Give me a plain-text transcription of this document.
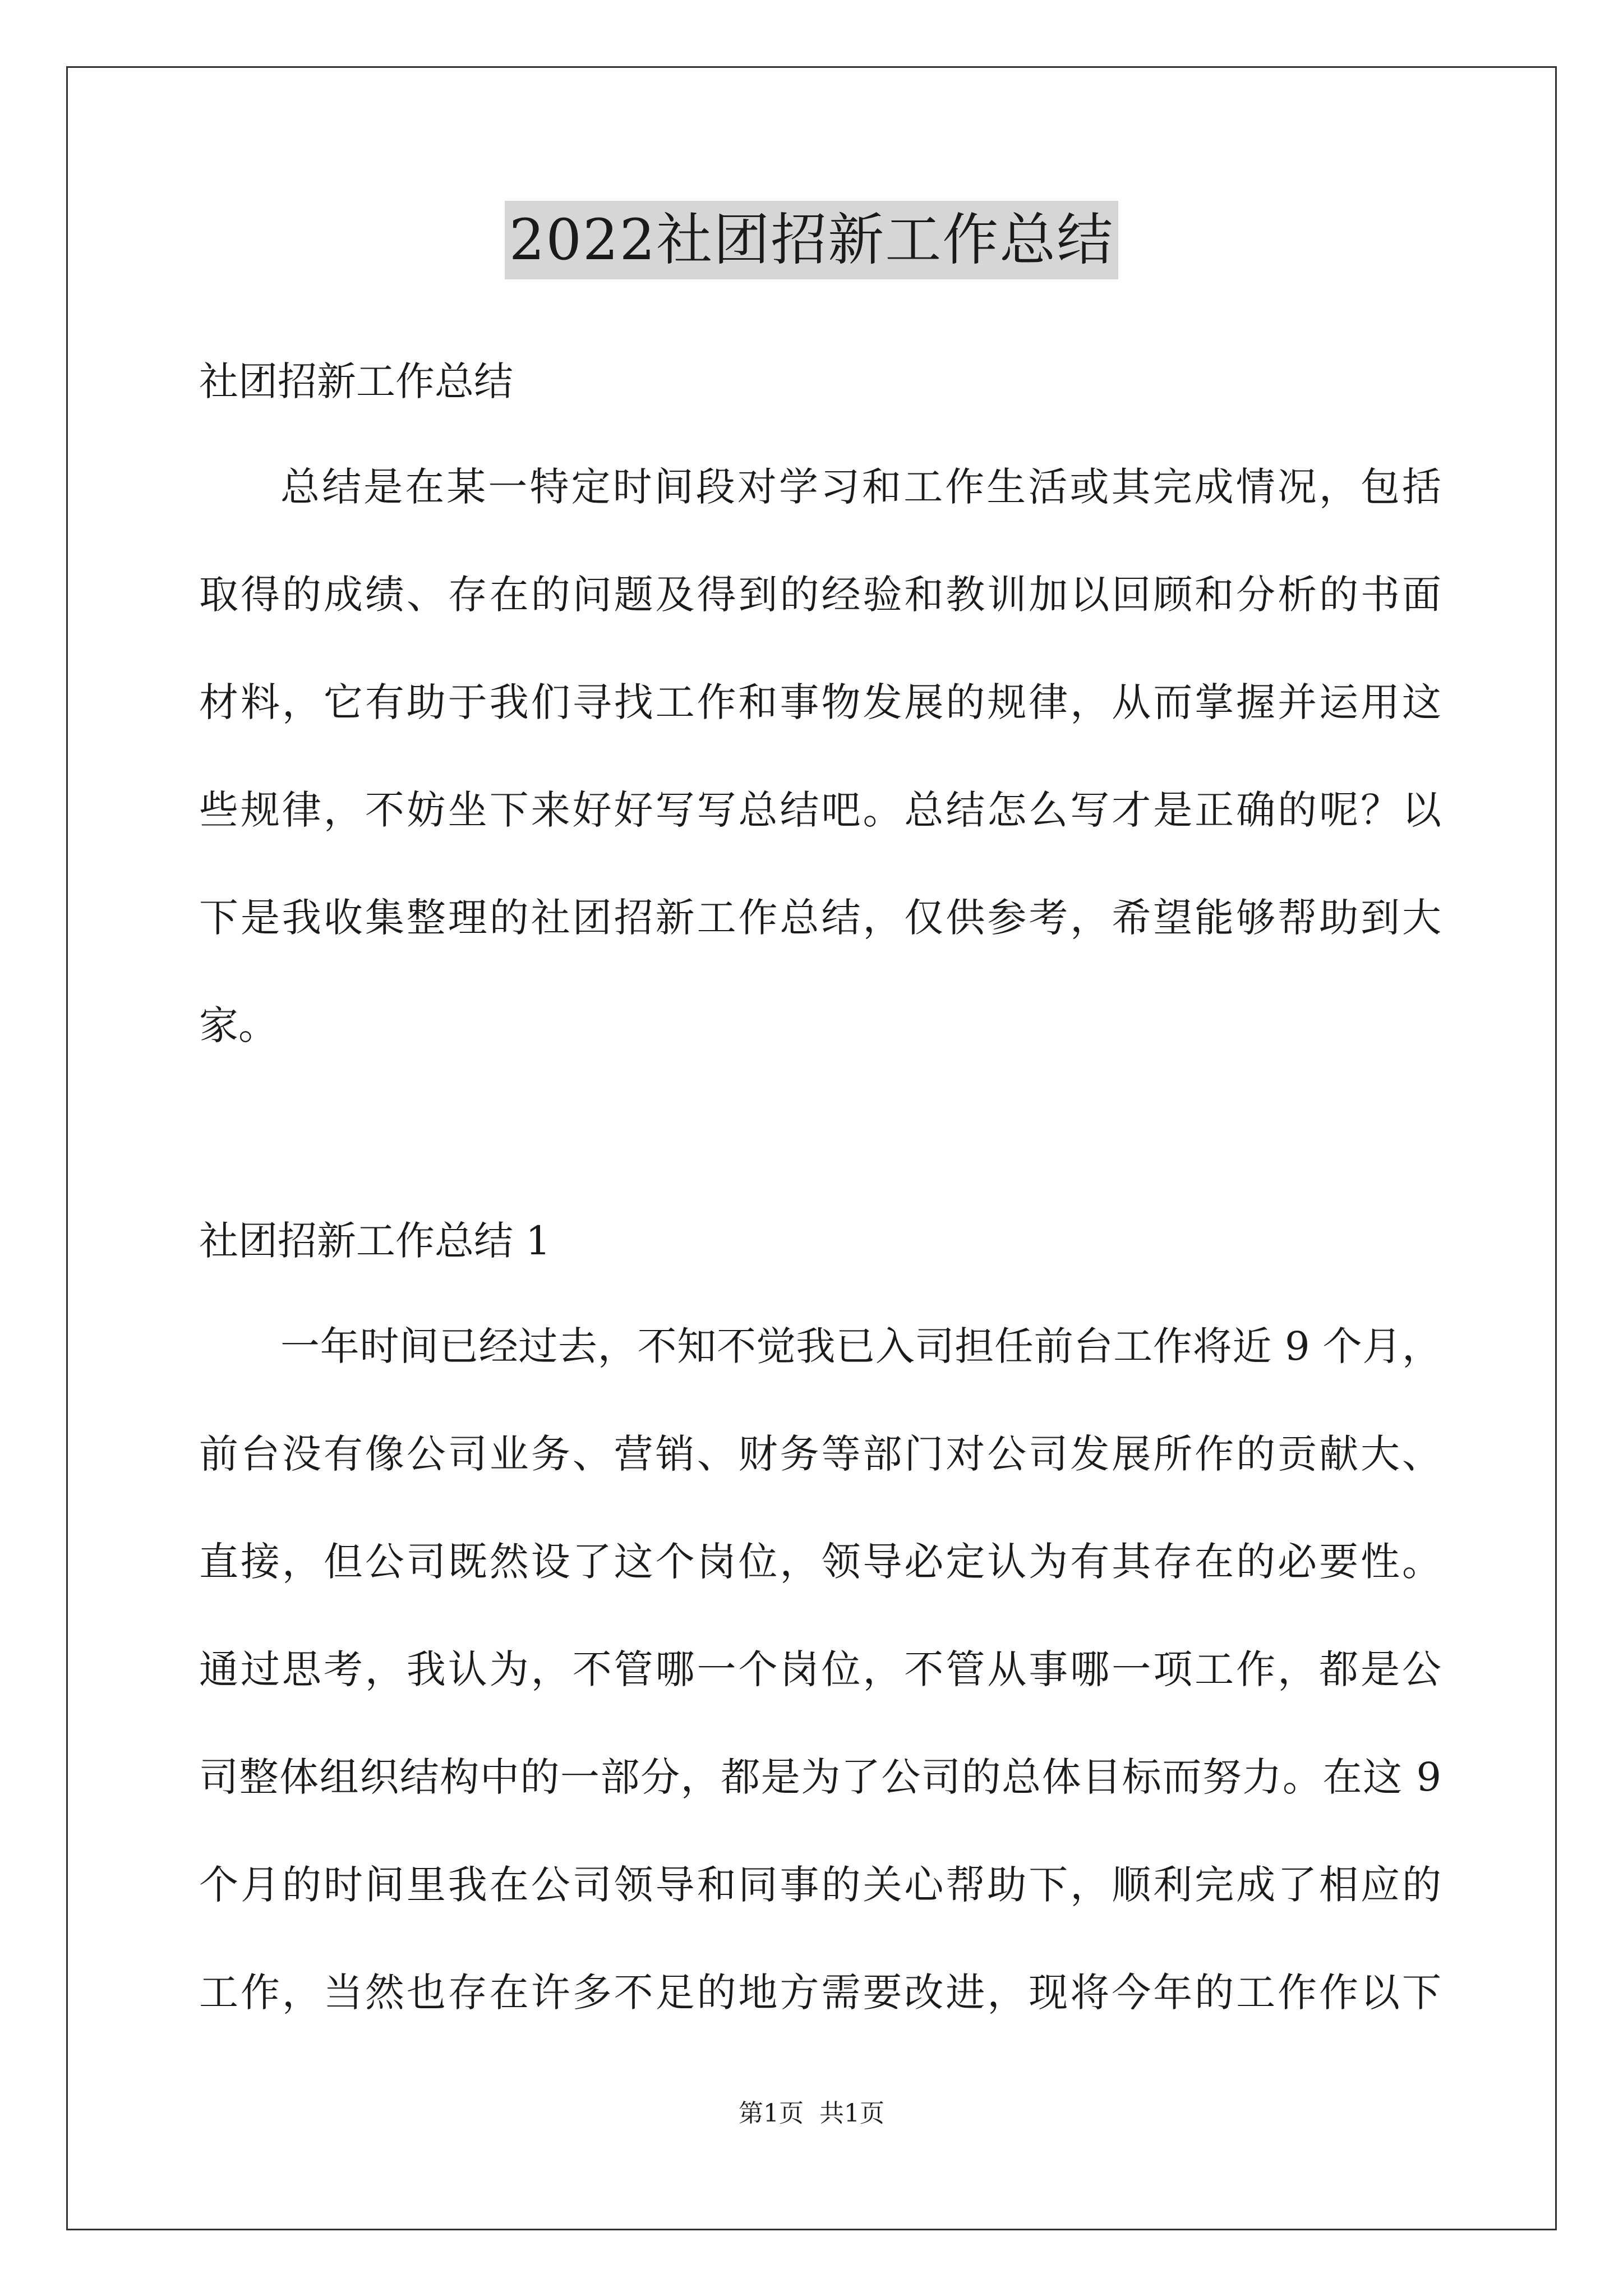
2022社团招新工作总结
社团招新工作总结
总结是在某一特定时间段对学习和工作生活或其完成情况，包括
取得的成绩、存在的问题及得到的经验和教训加以回顾和分析的书面
材料，它有助于我们寻找工作和事物发展的规律，从而掌握并运用这
些规律，不妨坐下来好好写写总结吧。总结怎么写才是正确的呢？以
下是我收集整理的社团招新工作总结，仅供参考，希望能够帮助到大
家。
社团招新工作总结 1
一年时间已经过去，不知不觉我已入司担任前台工作将近 9 个月，
前台没有像公司业务、营销、财务等部门对公司发展所作的贡献大、
直接，但公司既然设了这个岗位，领导必定认为有其存在的必要性。
通过思考，我认为，不管哪一个岗位，不管从事哪一项工作，都是公
司整体组织结构中的一部分，都是为了公司的总体目标而努力。在这 9
个月的时间里我在公司领导和同事的关心帮助下，顺利完成了相应的
工作，当然也存在许多不足的地方需要改进，现将今年的工作作以下
第1页 共1页
